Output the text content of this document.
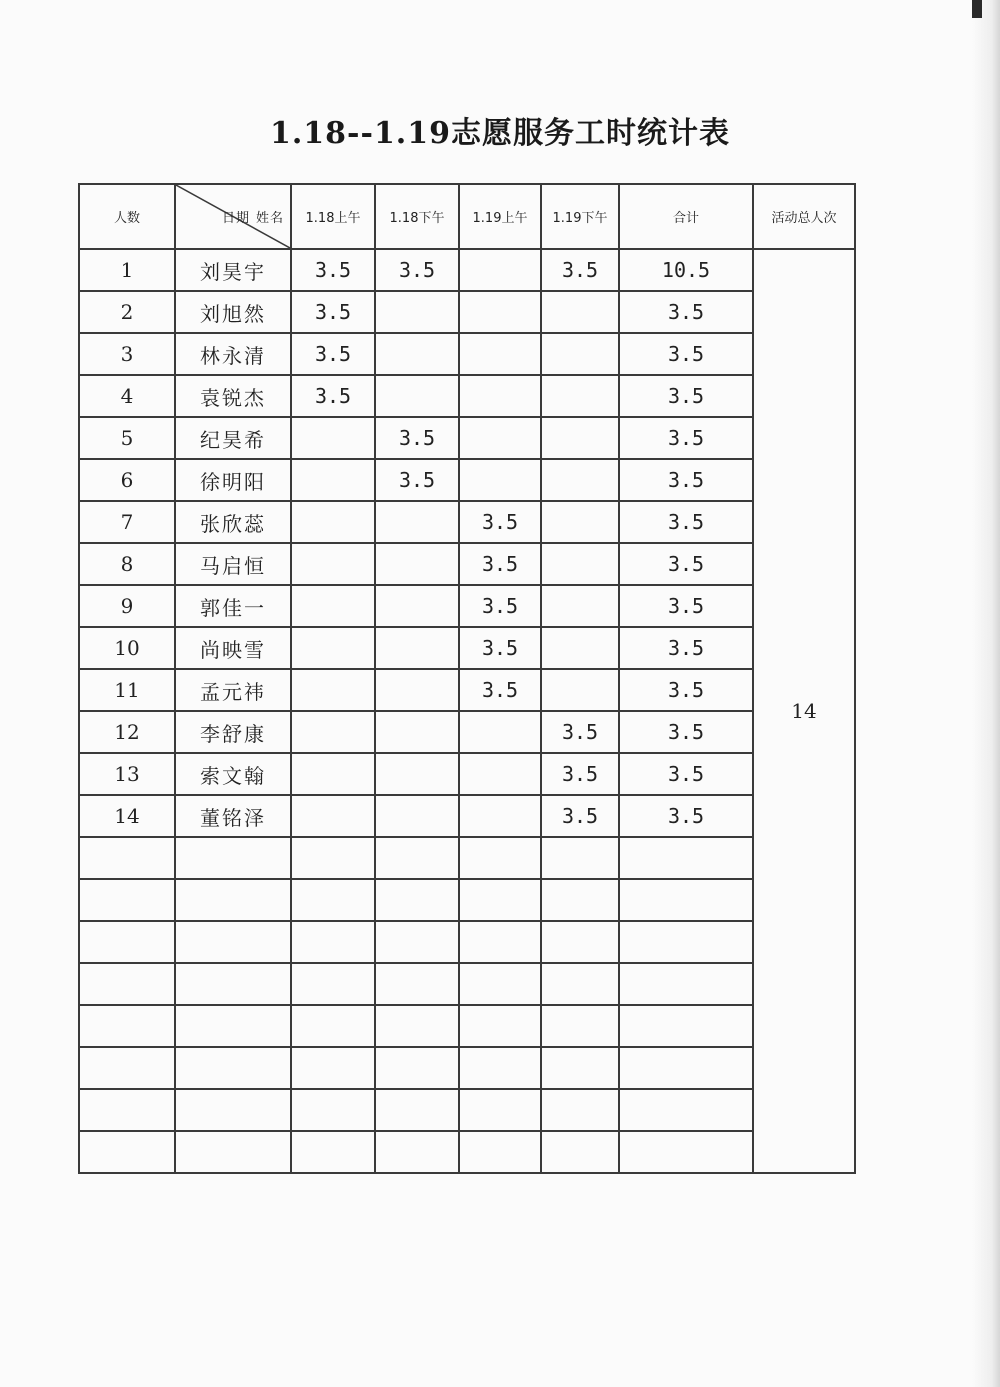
1.18--1.19志愿服务工时统计表
人数	日期 姓名	1.18上午	1.18下午	1.19上午	1.19下午	合计	活动总人次
1	刘昊宇	3.5	3.5		3.5	10.5	14
2	刘旭然	3.5				3.5	
3	林永清	3.5				3.5	
4	袁锐杰	3.5				3.5	
5	纪昊希		3.5			3.5	
6	徐明阳		3.5			3.5	
7	张欣蕊			3.5		3.5	
8	马启恒			3.5		3.5	
9	郭佳一			3.5		3.5	
10	尚映雪			3.5		3.5	
11	孟元祎			3.5		3.5	
12	李舒康				3.5	3.5	
13	索文翰				3.5	3.5	
14	董铭泽				3.5	3.5	
